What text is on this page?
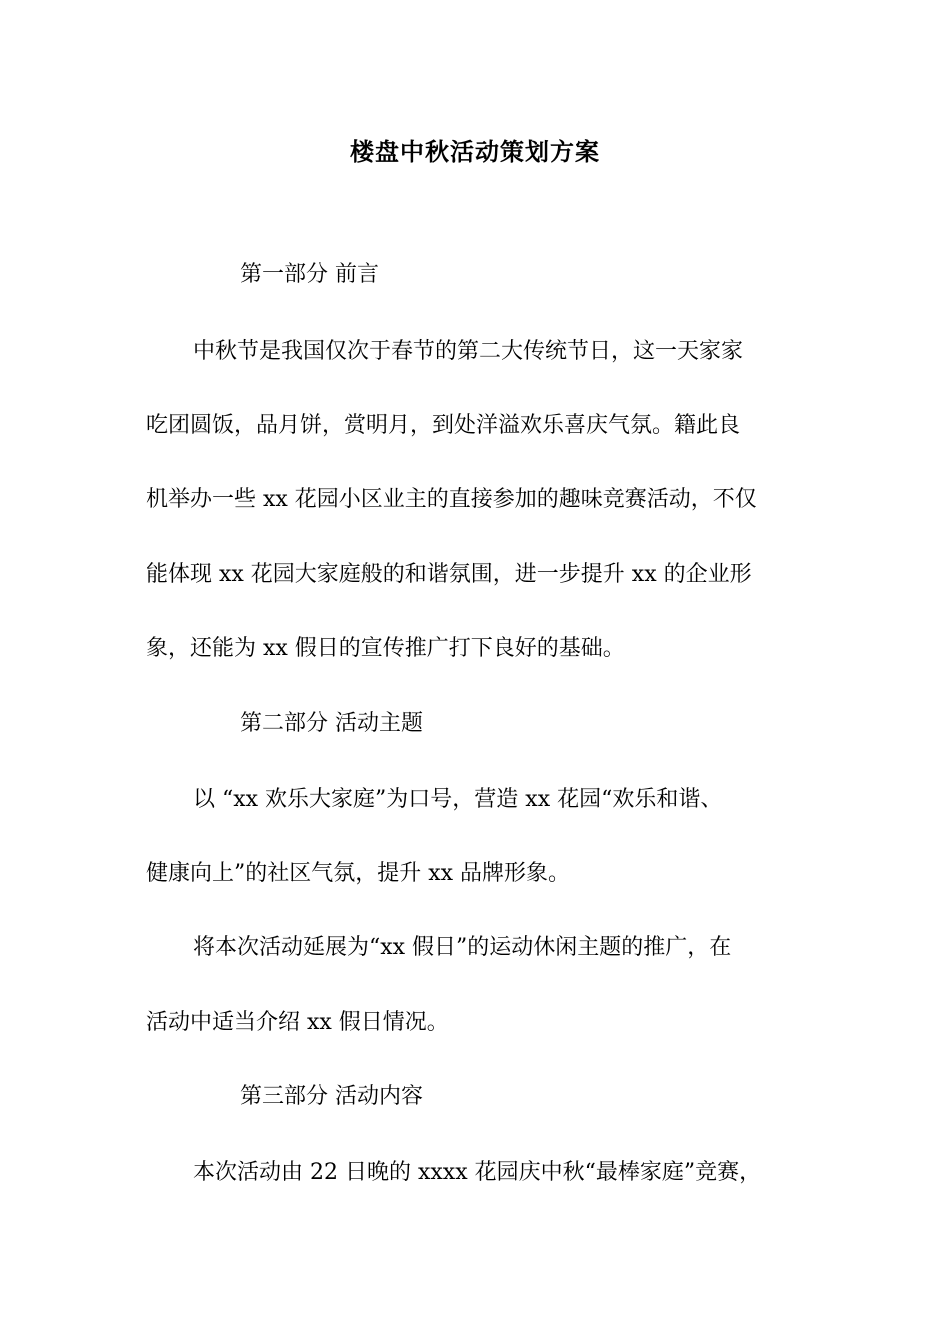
楼盘中秋活动策划方案
第一部分 前言
中秋节是我国仅次于春节的第二大传统节日，这一天家家
吃团圆饭，品月饼，赏明月，到处洋溢欢乐喜庆气氛。籍此良
机举办一些 xx 花园小区业主的直接参加的趣味竞赛活动，不仅
能体现 xx 花园大家庭般的和谐氛围，进一步提升 xx 的企业形
象，还能为 xx 假日的宣传推广打下良好的基础。
第二部分 活动主题
以 “xx 欢乐大家庭”为口号，营造 xx 花园“欢乐和谐、
健康向上”的社区气氛，提升 xx 品牌形象。
将本次活动延展为“xx 假日”的运动休闲主题的推广，在
活动中适当介绍 xx 假日情况。
第三部分 活动内容
本次活动由 22 日晚的 xxxx 花园庆中秋“最棒家庭”竞赛，
